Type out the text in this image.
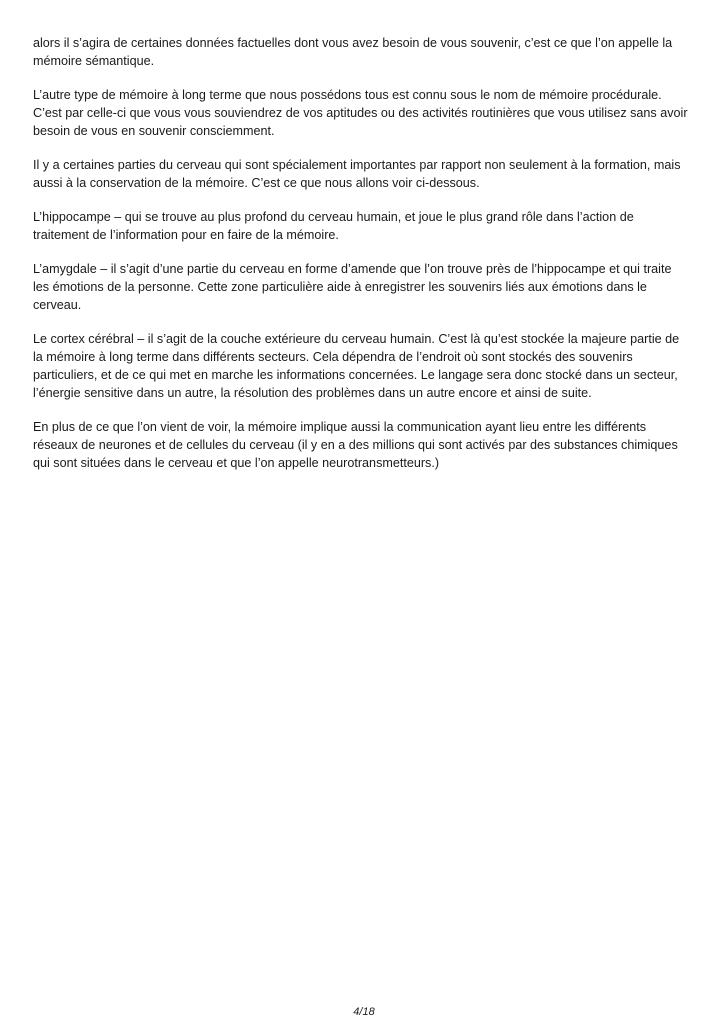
alors il s’agira de certaines données factuelles dont vous avez besoin de vous souvenir, c’est ce que l’on appelle la mémoire sémantique.

L’autre type de mémoire à long terme que nous possédons tous est connu sous le nom de mémoire procédurale. C’est par celle-ci que vous vous souviendrez de vos aptitudes ou des activités routinières que vous utilisez sans avoir besoin de vous en souvenir consciemment.

Il y a certaines parties du cerveau qui sont spécialement importantes par rapport non seulement à la formation, mais aussi à la conservation de la mémoire. C’est ce que nous allons voir ci-dessous.

L’hippocampe – qui se trouve au plus profond du cerveau humain, et joue le plus grand rôle dans l’action de traitement de l’information pour en faire de la mémoire.

L’amygdale – il s’agit d’une partie du cerveau en forme d’amende que l’on trouve près de l’hippocampe et qui traite les émotions de la personne. Cette zone particulière aide à enregistrer les souvenirs liés aux émotions dans le cerveau.

Le cortex cérébral – il s’agit de la couche extérieure du cerveau humain. C’est là qu’est stockée la majeure partie de la mémoire à long terme dans différents secteurs. Cela dépendra de l’endroit où sont stockés des souvenirs particuliers, et de ce qui met en marche les informations concernées. Le langage sera donc stocké dans un secteur, l’énergie sensitive dans un autre, la résolution des problèmes dans un autre encore et ainsi de suite.

En plus de ce que l’on vient de voir, la mémoire implique aussi la communication ayant lieu entre les différents réseaux de neurones et de cellules du cerveau (il y en a des millions qui sont activés par des substances chimiques qui sont situées dans le cerveau et que l’on appelle neurotransmetteurs.)

4/18
